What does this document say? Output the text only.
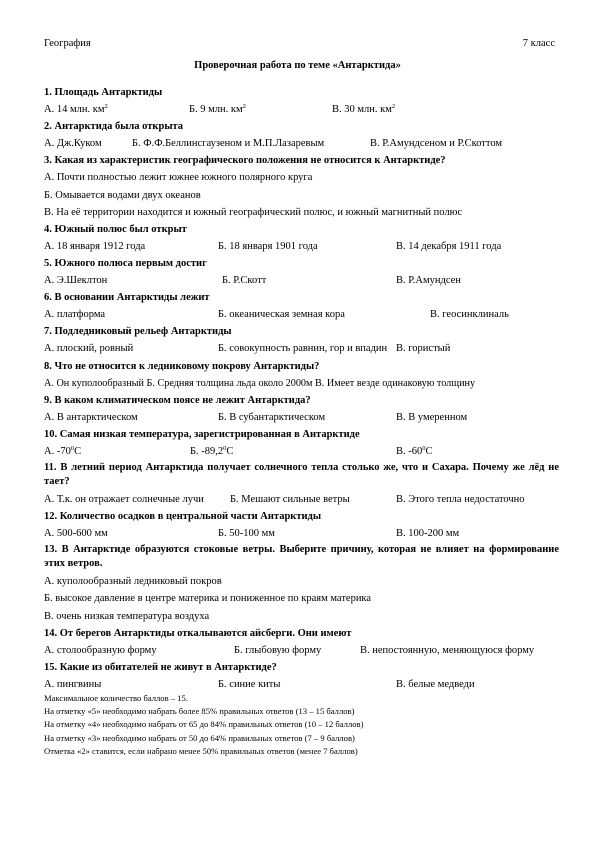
География	7 класс
Проверочная работа по теме «Антарктида»
1. Площадь Антарктиды
А. 14 млн. $км^2$	Б. 9 млн. $км^2$	В. 30 млн. $км^2$
2. Антарктида была открыта
А. Дж.Куком	Б. Ф.Ф.Беллинсгаузеном и М.П.Лазаревым	В. Р.Амундсеном и Р.Скоттом
3. Какая из характеристик географического положения не относится к Антарктиде?
А. Почти полностью лежит южнее южного полярного круга
Б. Омывается водами двух океанов
В. На её территории находится и южный географический полюс, и южный магнитный полюс
4. Южный полюс был открыт
А. 18 января 1912 года	Б. 18 января 1901 года	В. 14 декабря 1911 года
5. Южного полюса первым достиг
А. Э.Шеклтон	Б. Р.Скотт	В. Р.Амундсен
6. В основании Антарктиды лежит
А. платформа	Б. океаническая земная кора	В. геосинклиналь
7. Подледниковый рельеф Антарктиды
А. плоский, ровный	Б. совокупность равнин, гор и впадин В. гористый
8. Что не относится к ледниковому покрову Антарктиды?
А. Он куполообразный Б. Средняя толщина льда около 2000м В. Имеет везде одинаковую толщину
9. В каком климатическом поясе не лежит Антарктида?
А. В антарктическом	Б. В субантарктическом	В. В умеренном
10. Самая низкая температура, зарегистрированная в Антарктиде
А. $-70^0С$	Б. -89,2$^0$С	В. $-60^0С$
11. В летний период Антарктида получает солнечного тепла столько же, что и Сахара. Почему же лёд не тает?
А. Т.к. он отражает солнечные лучи Б. Мешают сильные ветры	В. Этого тепла недостаточно
12. Количество осадков в центральной части Антарктиды
А. 500-600 мм	Б. 50-100 мм	В. 100-200 мм
13. В Антарктиде образуются стоковые ветры. Выберите причину, которая не влияет на формирование этих ветров.
А. куполообразный ледниковый покров
Б. высокое давление в центре материка и пониженное по краям материка
В. очень низкая температура воздуха
14. От берегов Антарктиды откалываются айсберги. Они имеют
А. столообразную форму	Б. глыбовую форму	В. непостоянную, меняющуюся форму
15. Какие из обитателей не живут в Антарктиде?
А. пингвины	Б. синие киты	В. белые медведи
Максимальное количество баллов – 15.
На отметку «5» необходимо набрать более 85% правильных ответов (13 – 15 баллов)
На отметку «4» необходимо набрать от 65 до 84% правильных ответов (10 – 12 баллов)
На отметку «3» необходимо набрать от 50 до 64% правильных ответов (7 – 9 баллов)
Отметка «2» ставится, если набрано менее 50% правильных ответов (менее 7 баллов)
